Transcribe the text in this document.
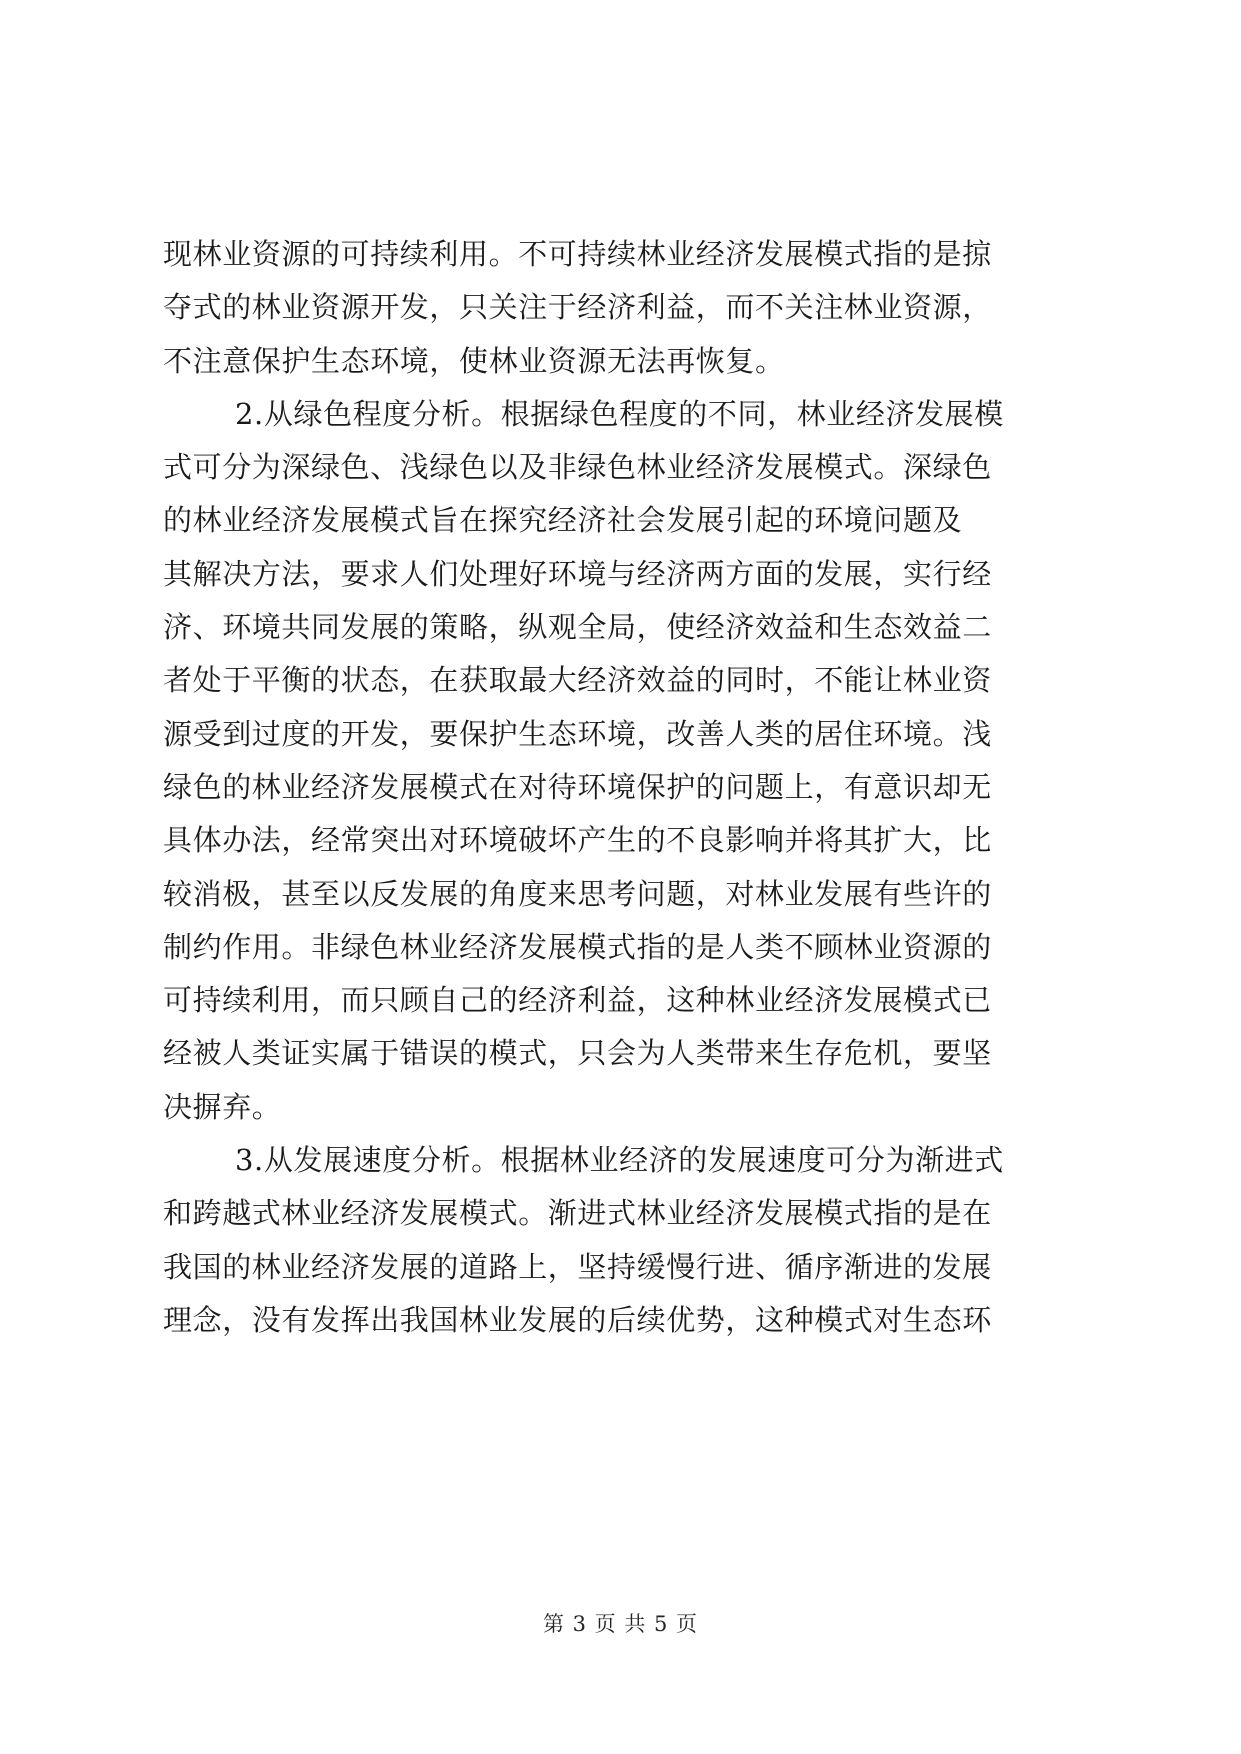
现林业资源的可持续利用。不可持续林业经济发展模式指的是掠
夺式的林业资源开发，只关注于经济利益，而不关注林业资源，
不注意保护生态环境，使林业资源无法再恢复。
2.从绿色程度分析。根据绿色程度的不同，林业经济发展模
式可分为深绿色、浅绿色以及非绿色林业经济发展模式。深绿色
的林业经济发展模式旨在探究经济社会发展引起的环境问题及
其解决方法，要求人们处理好环境与经济两方面的发展，实行经
济、环境共同发展的策略，纵观全局，使经济效益和生态效益二
者处于平衡的状态，在获取最大经济效益的同时，不能让林业资
源受到过度的开发，要保护生态环境，改善人类的居住环境。浅
绿色的林业经济发展模式在对待环境保护的问题上，有意识却无
具体办法，经常突出对环境破坏产生的不良影响并将其扩大，比
较消极，甚至以反发展的角度来思考问题，对林业发展有些许的
制约作用。非绿色林业经济发展模式指的是人类不顾林业资源的
可持续利用，而只顾自己的经济利益，这种林业经济发展模式已
经被人类证实属于错误的模式，只会为人类带来生存危机，要坚
决摒弃。
3.从发展速度分析。根据林业经济的发展速度可分为渐进式
和跨越式林业经济发展模式。渐进式林业经济发展模式指的是在
我国的林业经济发展的道路上，坚持缓慢行进、循序渐进的发展
理念，没有发挥出我国林业发展的后续优势，这种模式对生态环
第 3 页 共 5 页
